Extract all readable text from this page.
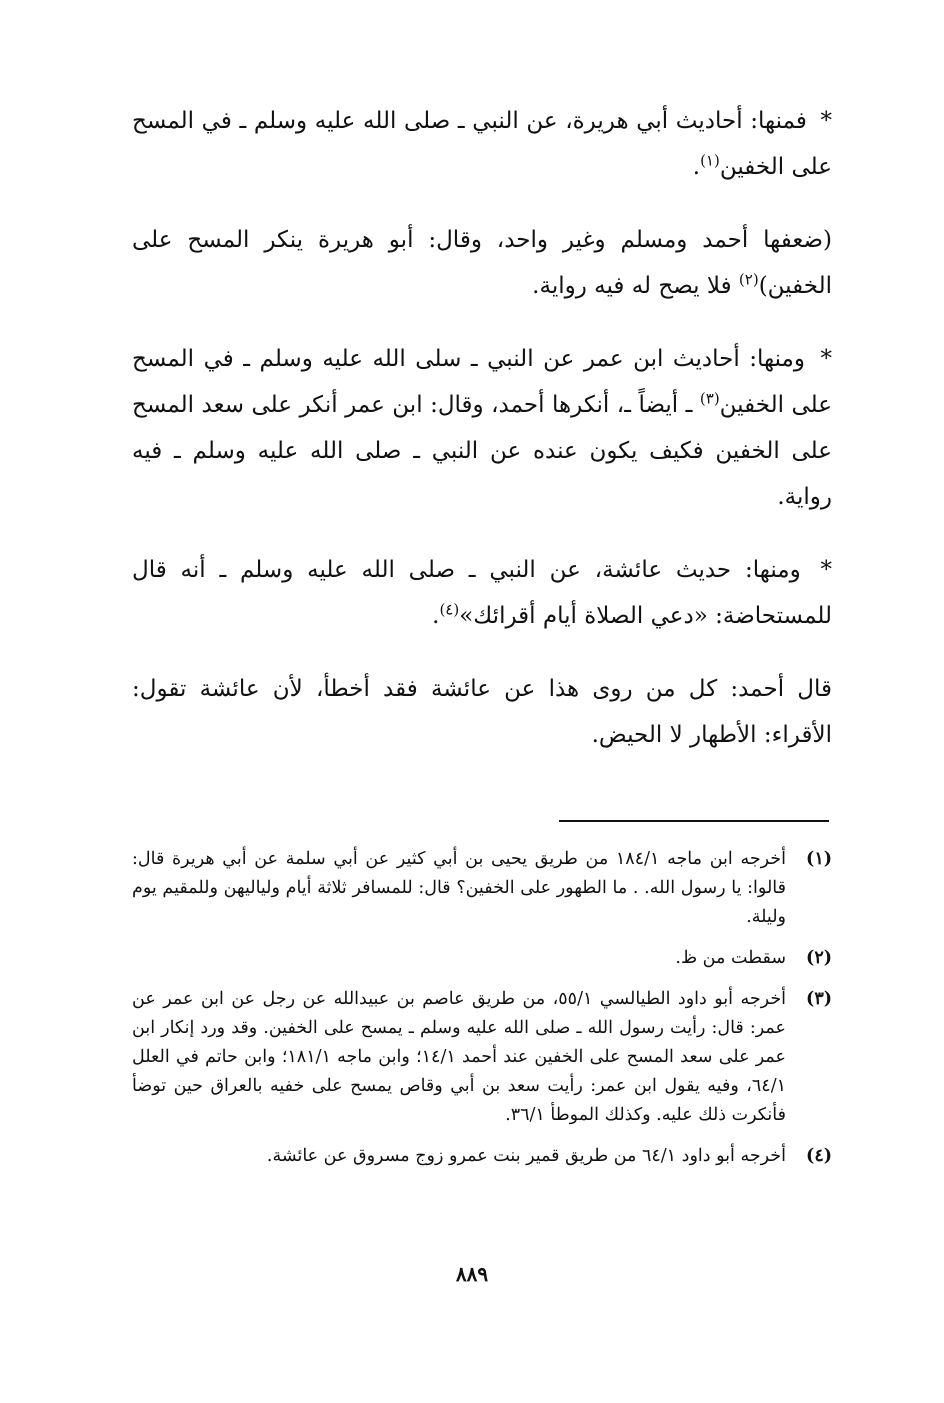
* فمنها: أحاديث أبي هريرة، عن النبي ـ صلى الله عليه وسلم ـ في المسح على الخفين$^{(١)}$.

(ضعفها أحمد ومسلم وغير واحد، وقال: أبو هريرة ينكر المسح على الخفين)$^{(٢)}$ فلا يصح له فيه رواية.

* ومنها: أحاديث ابن عمر عن النبي ـ سلى الله عليه وسلم ـ في المسح على الخفين$^{(٣)}$ ـ أيضاً ـ، أنكرها أحمد، وقال: ابن عمر أنكر على سعد المسح على الخفين فكيف يكون عنده عن النبي ـ صلى الله عليه وسلم ـ فيه رواية.

* ومنها: حديث عائشة، عن النبي ـ صلى الله عليه وسلم ـ أنه قال للمستحاضة: «دعي الصلاة أيام أقرائك»$^{(٤)}$.

قال أحمد: كل من روى هذا عن عائشة فقد أخطأ، لأن عائشة تقول: الأقراء: الأطهار لا الحيض.

(١)
أخرجه ابن ماجه ١٨٤/١ من طريق يحيى بن أبي كثير عن أبي سلمة عن أبي هريرة قال: قالوا: يا رسول الله. . ما الطهور على الخفين؟ قال: للمسافر ثلاثة أيام ولياليهن وللمقيم يوم وليلة.
(٢)
سقطت من ظ.
(٣)
أخرجه أبو داود الطيالسي ٥٥/١، من طريق عاصم بن عبيدالله عن رجل عن ابن عمر عن عمر: قال: رأيت رسول الله ـ صلى الله عليه وسلم ـ يمسح على الخفين. وقد ورد إنكار ابن عمر على سعد المسح على الخفين عند أحمد ١٤/١؛ وابن ماجه ١٨١/١؛ وابن حاتم في العلل ٦٤/١، وفيه يقول ابن عمر: رأيت سعد بن أبي وقاص يمسح على خفيه بالعراق حين توضأ فأنكرت ذلك عليه. وكذلك الموطأ ٣٦/١.
(٤)
أخرجه أبو داود ٦٤/١ من طريق قمير بنت عمرو زوج مسروق عن عائشة.
٨٨٩
